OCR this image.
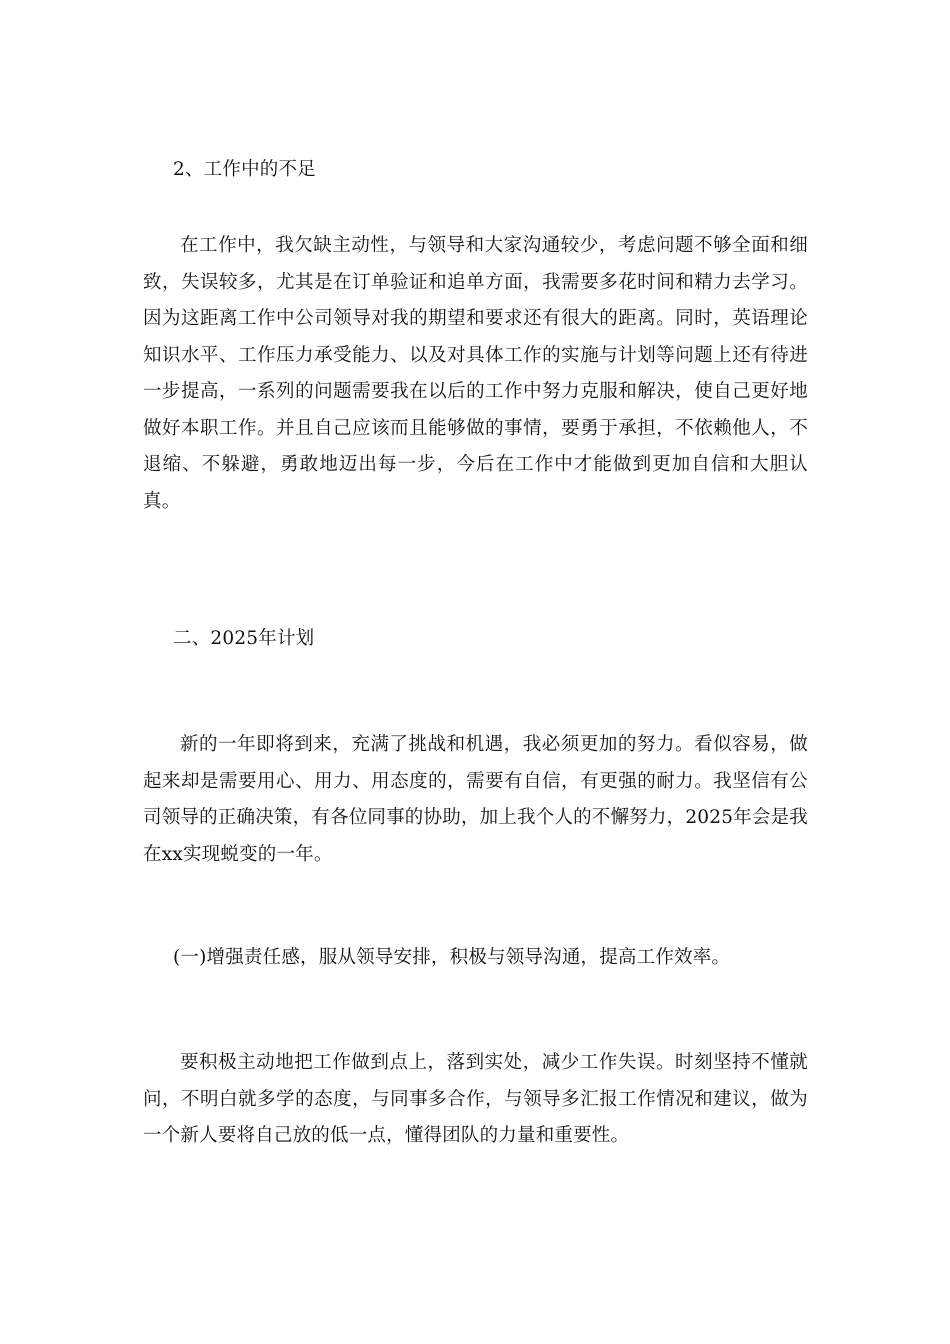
2、工作中的不足

在工作中，我欠缺主动性，与领导和大家沟通较少，考虑问题不够全面和细致，失误较多，尤其是在订单验证和追单方面，我需要多花时间和精力去学习。因为这距离工作中公司领导对我的期望和要求还有很大的距离。同时，英语理论知识水平、工作压力承受能力、以及对具体工作的实施与计划等问题上还有待进一步提高，一系列的问题需要我在以后的工作中努力克服和解决，使自己更好地做好本职工作。并且自己应该而且能够做的事情，要勇于承担，不依赖他人，不退缩、不躲避，勇敢地迈出每一步，今后在工作中才能做到更加自信和大胆认真。

二、2025年计划

新的一年即将到来，充满了挑战和机遇，我必须更加的努力。看似容易，做起来却是需要用心、用力、用态度的，需要有自信，有更强的耐力。我坚信有公司领导的正确决策，有各位同事的协助，加上我个人的不懈努力，2025年会是我在xx实现蜕变的一年。

(一)增强责任感，服从领导安排，积极与领导沟通，提高工作效率。

要积极主动地把工作做到点上，落到实处，减少工作失误。时刻坚持不懂就问，不明白就多学的态度，与同事多合作，与领导多汇报工作情况和建议，做为一个新人要将自己放的低一点，懂得团队的力量和重要性。
